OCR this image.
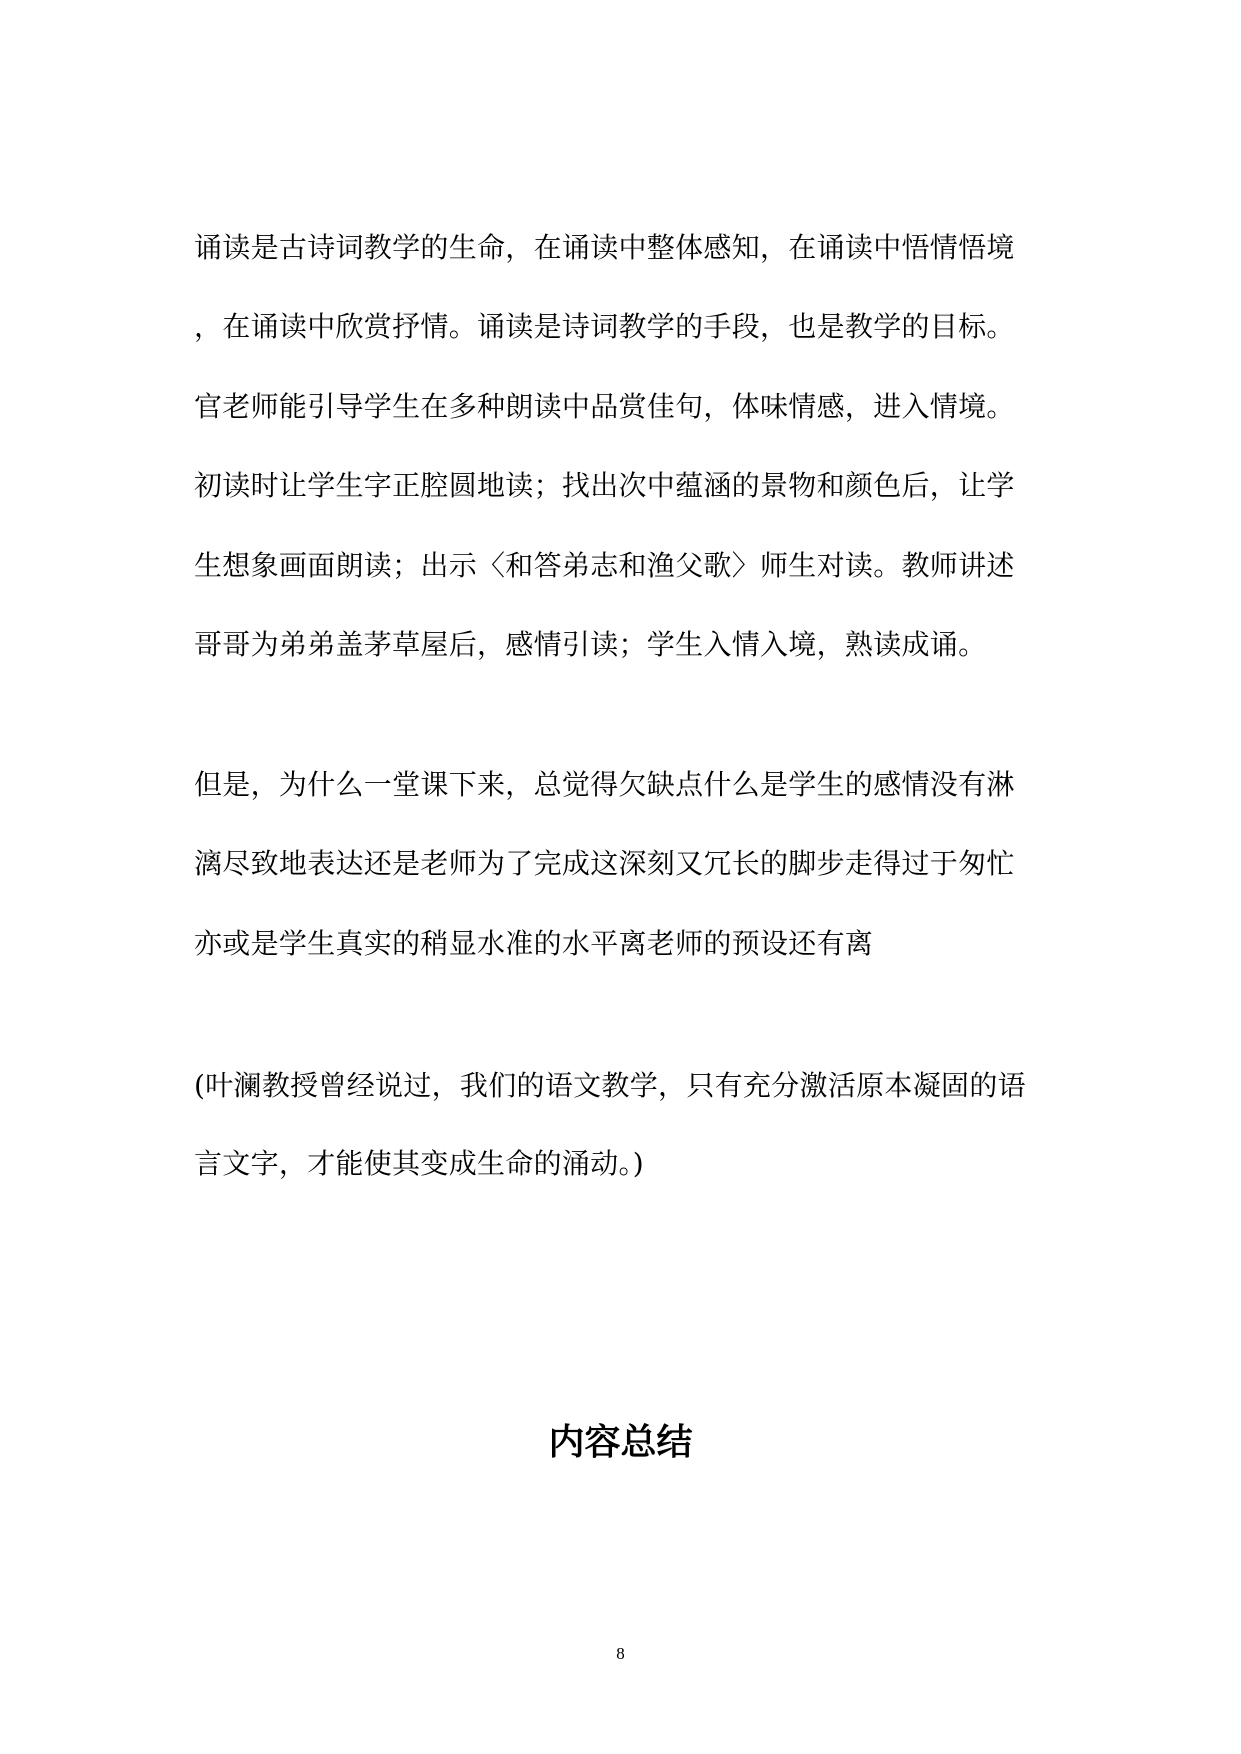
诵读是古诗词教学的生命，在诵读中整体感知，在诵读中悟情悟境
，在诵读中欣赏抒情。诵读是诗词教学的手段，也是教学的目标。
官老师能引导学生在多种朗读中品赏佳句，体味情感，进入情境。
初读时让学生字正腔圆地读；找出次中蕴涵的景物和颜色后，让学
生想象画面朗读；出示〈和答弟志和渔父歌〉师生对读。教师讲述
哥哥为弟弟盖茅草屋后，感情引读；学生入情入境，熟读成诵。
但是，为什么一堂课下来，总觉得欠缺点什么是学生的感情没有淋
漓尽致地表达还是老师为了完成这深刻又冗长的脚步走得过于匆忙
亦或是学生真实的稍显水准的水平离老师的预设还有离
(叶澜教授曾经说过，我们的语文教学，只有充分激活原本凝固的语
言文字，才能使其变成生命的涌动。)
内容总结
8
